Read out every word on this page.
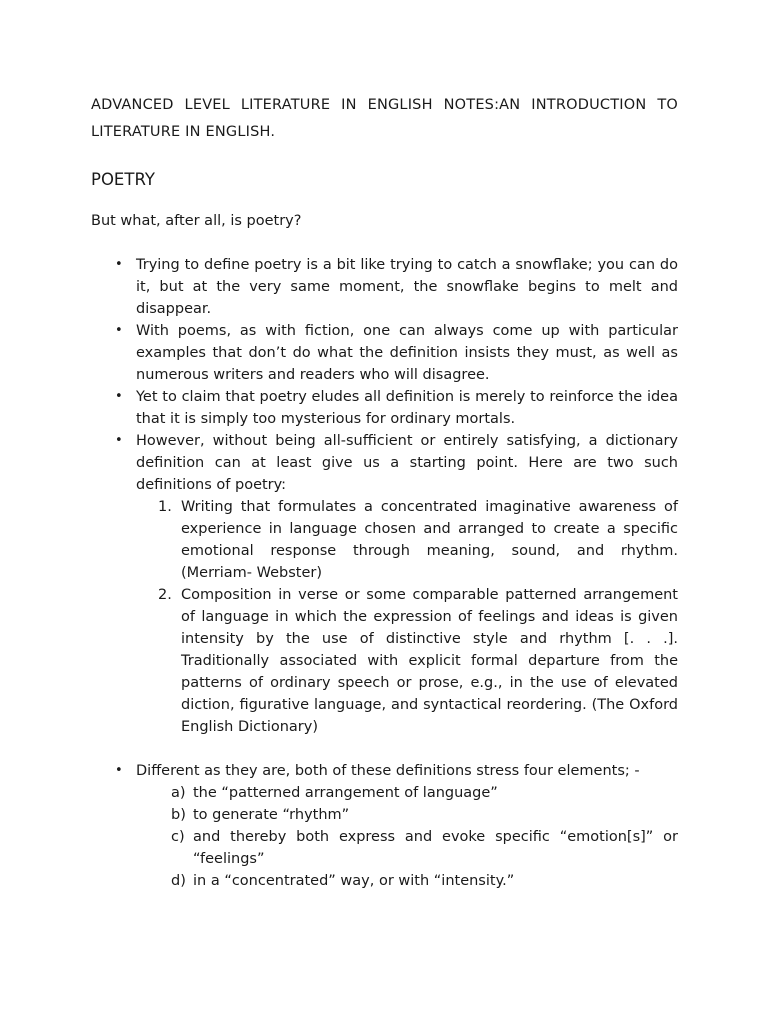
ADVANCED LEVEL LITERATURE IN ENGLISH NOTES:AN INTRODUCTION TO LITERATURE IN ENGLISH.
POETRY

But what, after all, is poetry?

• Trying to define poetry is a bit like trying to catch a snowflake; you can do it, but at the very same moment, the snowflake begins to melt and disappear.
• With poems, as with fiction, one can always come up with particular examples that don’t do what the definition insists they must, as well as numerous writers and readers who will disagree.
• Yet to claim that poetry eludes all definition is merely to reinforce the idea that it is simply too mysterious for ordinary mortals.
• However, without being all-sufficient or entirely satisfying, a dictionary definition can at least give us a starting point. Here are two such definitions of poetry:
1. Writing that formulates a concentrated imaginative awareness of experience in language chosen and arranged to create a specific emotional response through meaning, sound, and rhythm. (Merriam- Webster)
2. Composition in verse or some comparable patterned arrangement of language in which the expression of feelings and ideas is given intensity by the use of distinctive style and rhythm [. . .]. Traditionally associated with explicit formal departure from the patterns of ordinary speech or prose, e.g., in the use of elevated diction, figurative language, and syntactical reordering. (The Oxford English Dictionary)
• Different as they are, both of these definitions stress four elements; -
a) the “patterned arrangement of language”
b) to generate “rhythm”
c) and thereby both express and evoke specific “emotion[s]” or “feelings”
d) in a “concentrated” way, or with “intensity.”
